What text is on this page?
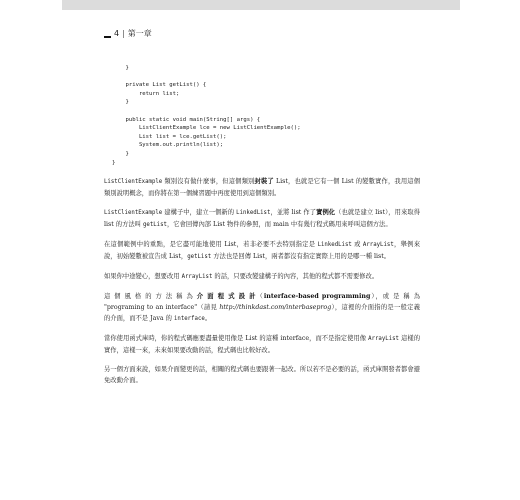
4 | 第一章
}
private List getList() {
return list;
}
public static void main(String[] args) {
ListClientExample lce = new ListClientExample();
List list = lce.getList();
System.out.println(list);
}
}

ListClientExample 類別沒有做什麼事，但這個類別封裝了 List，也就是它有一個 List 的變數實作，我用這個類別說明概念，而你將在第一個練習題中再度使用到這個類別。

ListClientExample 建構子中，建立一個新的 LinkedList，並將 list 作了實例化（也就是建立 list），用來取得 list 的方法叫 getList，它會回傳內部 List 物件的參照，而 main 中有幾行程式碼用來呼叫這個方法。

在這個範例中的重點，是它盡可能地使用 List，若非必要不去特別指定是 LinkedList 或 ArrayList，舉例來說，初始變數被宣告成 List，getList 方法也是回傳 List，兩者都沒有指定實際上用的是哪一種 list。

如果你中途變心，想要改用 ArrayList 的話，只要改變建構子的內容，其他的程式都不需要修改。

這 個 風 格 的 方 法 稱 為 介 面 程 式 設 計（interface-based programming），或 是 稱 為 "programing to an interface"（請見 http://thinkdast.com/interbaseprog），這裡的介面指的是一般定義的介面，而不是 Java 的 interface。

當你使用函式庫時，你的程式碼應要盡量使用像是 List 的這種 interface，而不是指定使用像 ArrayList 這樣的實作，這樣一來，未來如果要改動的話，程式碼也比較好改。

另一個方面來說，如果介面變更的話，相關的程式碼也要跟著一起改。所以若不是必要的話，函式庫開發者都會避免改動介面。
